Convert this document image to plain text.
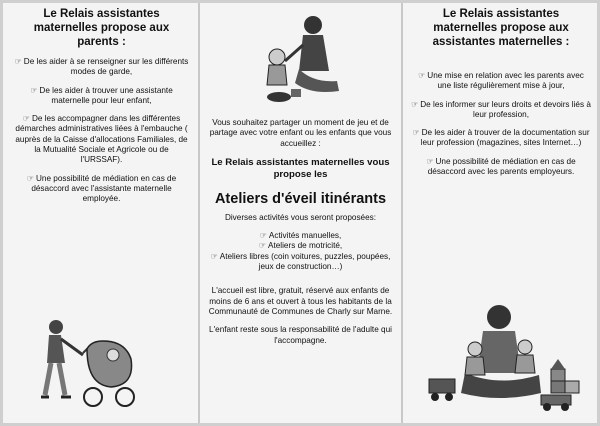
Le Relais assistantes maternelles propose aux parents :
☞ De les aider à se renseigner sur les différents modes de garde,
☞ De les aider à trouver une assistante maternelle pour leur enfant,
☞ De les accompagner dans les différentes démarches administratives liées à l'embauche ( auprès de la Caisse d'allocations Familiales, de la Mutualité Sociale et Agricole ou de l'URSSAF).
☞ Une possibilité de médiation en cas de désaccord avec l'assistante maternelle employée.

Vous souhaitez partager un moment de jeu et de partage avec votre enfant ou les enfants que vous accueillez :

Le Relais assistantes maternelles vous propose les

Ateliers d'éveil itinérants

Diverses activités vous seront proposées:

☞ Activités manuelles,
☞ Ateliers de motricité,
☞ Ateliers libres (coin voitures, puzzles, poupées, jeux de construction…)

L'accueil est libre, gratuit, réservé aux enfants de moins de 6 ans et ouvert à tous les habitants de la Communauté de Communes de Charly sur Marne.

L'enfant reste sous la responsabilité de l'adulte qui l'accompagne.

Le Relais assistantes maternelles propose aux assistantes maternelles :
☞ Une mise en relation avec les parents avec une liste régulièrement mise à jour,
☞ De les informer sur leurs droits et devoirs liés à leur profession,
☞ De les aider à trouver de la documentation sur leur profession (magazines, sites Internet…)
☞ Une possibilité de médiation en cas de désaccord avec les parents employeurs.
